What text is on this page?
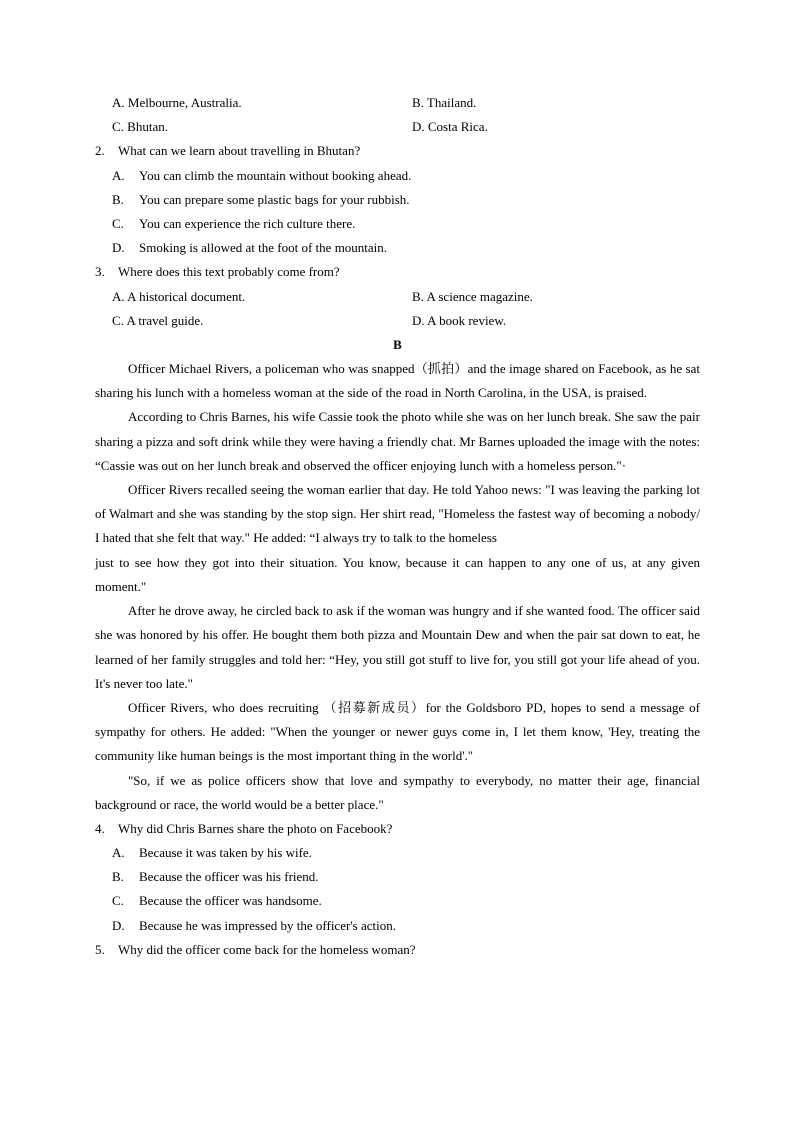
A. Melbourne, Australia.	B. Thailand.
C. Bhutan.	D. Costa Rica.
2. What can we learn about travelling in Bhutan?
A. You can climb the mountain without booking ahead.
B. You can prepare some plastic bags for your rubbish.
C. You can experience the rich culture there.
D. Smoking is allowed at the foot of the mountain.
3. Where does this text probably come from?
A. A historical document.	B. A science magazine.
C. A travel guide.	D. A book review.
B

Officer Michael Rivers, a policeman who was snapped（抓拍）and the image shared on Facebook, as he sat sharing his lunch with a homeless woman at the side of the road in North Carolina, in the USA, is praised.

According to Chris Barnes, his wife Cassie took the photo while she was on her lunch break. She saw the pair sharing a pizza and soft drink while they were having a friendly chat. Mr Barnes uploaded the image with the notes: “Cassie was out on her lunch break and observed the officer enjoying lunch with a homeless person."·

Officer Rivers recalled seeing the woman earlier that day. He told Yahoo news: "I was leaving the parking lot of Walmart and she was standing by the stop sign. Her shirt read, "Homeless the fastest way of becoming a nobody/ I hated that she felt that way." He added: “I always try to talk to the homeless

just to see how they got into their situation. You know, because it can happen to any one of us, at any given moment."

After he drove away, he circled back to ask if the woman was hungry and if she wanted food. The officer said she was honored by his offer. He bought them both pizza and Mountain Dew and when the pair sat down to eat, he learned of her family struggles and told her: “Hey, you still got stuff to live for, you still got your life ahead of you. It's never too late."

Officer Rivers, who does recruiting （招募新成员）for the Goldsboro PD, hopes to send a message of sympathy for others. He added: "When the younger or newer guys come in, I let them know, 'Hey, treating the community like human beings is the most important thing in the world'."

"So, if we as police officers show that love and sympathy to everybody, no matter their age, financial background or race, the world would be a better place."

4. Why did Chris Barnes share the photo on Facebook?
A. Because it was taken by his wife.
B. Because the officer was his friend.
C. Because the officer was handsome.
D. Because he was impressed by the officer's action.
5. Why did the officer come back for the homeless woman?
